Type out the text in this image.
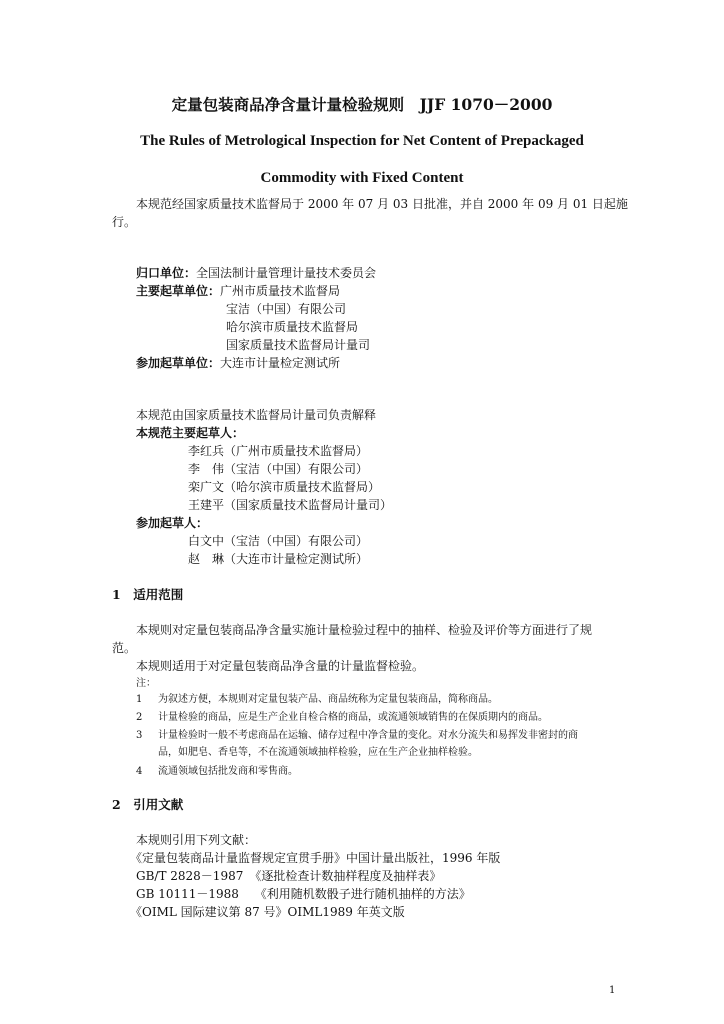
定量包装商品净含量计量检验规则　JJF 1070－2000
The Rules of Metrological Inspection for Net Content of Prepackaged
Commodity with Fixed Content
本规范经国家质量技术监督局于 2000 年 07 月 03 日批准，并自 2000 年 09 月 01 日起施
行。
归口单位：全国法制计量管理计量技术委员会
主要起草单位：广州市质量技术监督局
宝洁（中国）有限公司
哈尔滨市质量技术监督局
国家质量技术监督局计量司
参加起草单位：大连市计量检定测试所
本规范由国家质量技术监督局计量司负责解释
本规范主要起草人：
李红兵（广州市质量技术监督局）
李　伟（宝洁（中国）有限公司）
栾广文（哈尔滨市质量技术监督局）
王建平（国家质量技术监督局计量司）
参加起草人：
白文中（宝洁（中国）有限公司）
赵　琳（大连市计量检定测试所）
1　适用范围
本规则对定量包装商品净含量实施计量检验过程中的抽样、检验及评价等方面进行了规
范。
本规则适用于对定量包装商品净含量的计量监督检验。
注：
1 为叙述方便，本规则对定量包装产品、商品统称为定量包装商品，简称商品。
2 计量检验的商品，应是生产企业自检合格的商品，或流通领域销售的在保质期内的商品。
3 计量检验时一般不考虑商品在运输、储存过程中净含量的变化。对水分流失和易挥发非密封的商
品，如肥皂、香皂等，不在流通领域抽样检验，应在生产企业抽样检验。
4 流通领域包括批发商和零售商。
2　引用文献
本规则引用下列文献：
《定量包装商品计量监督规定宣贯手册》中国计量出版社，1996 年版
GB/T 2828－1987　《逐批检查计数抽样程度及抽样表》
GB 10111－1988　 《利用随机数骰子进行随机抽样的方法》
《OIML 国际建议第 87 号》OIML1989 年英文版
1
